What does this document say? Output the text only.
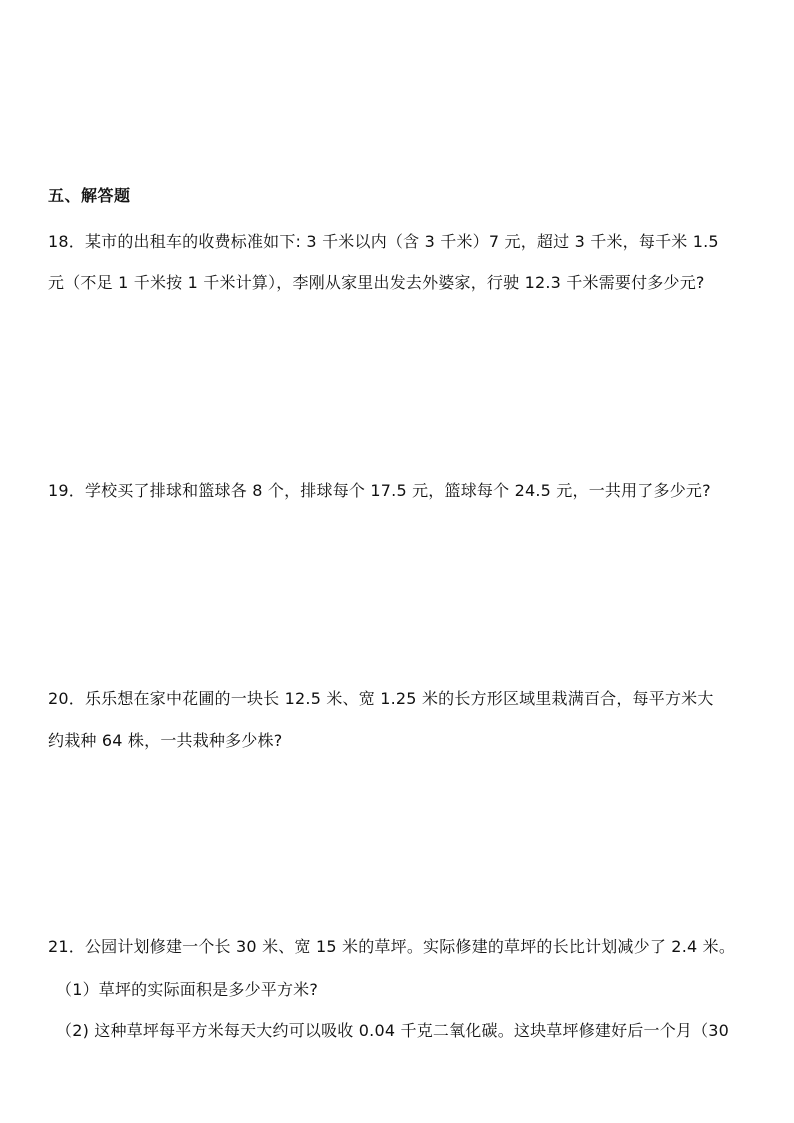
五、解答题
18．某市的出租车的收费标准如下: 3 千米以内（含 3 千米）7 元，超过 3 千米，每千米 1.5
元（不足 1 千米按 1 千米计算），李刚从家里出发去外婆家，行驶 12.3 千米需要付多少元?
19．学校买了排球和篮球各 8 个，排球每个 17.5 元，篮球每个 24.5 元，一共用了多少元?
20．乐乐想在家中花圃的一块长 12.5 米、宽 1.25 米的长方形区域里栽满百合，每平方米大
约栽种 64 株，一共栽种多少株?
21．公园计划修建一个长 30 米、宽 15 米的草坪。实际修建的草坪的长比计划减少了 2.4 米。
（1）草坪的实际面积是多少平方米?
（2) 这种草坪每平方米每天大约可以吸收 0.04 千克二氧化碳。这块草坪修建好后一个月（30
